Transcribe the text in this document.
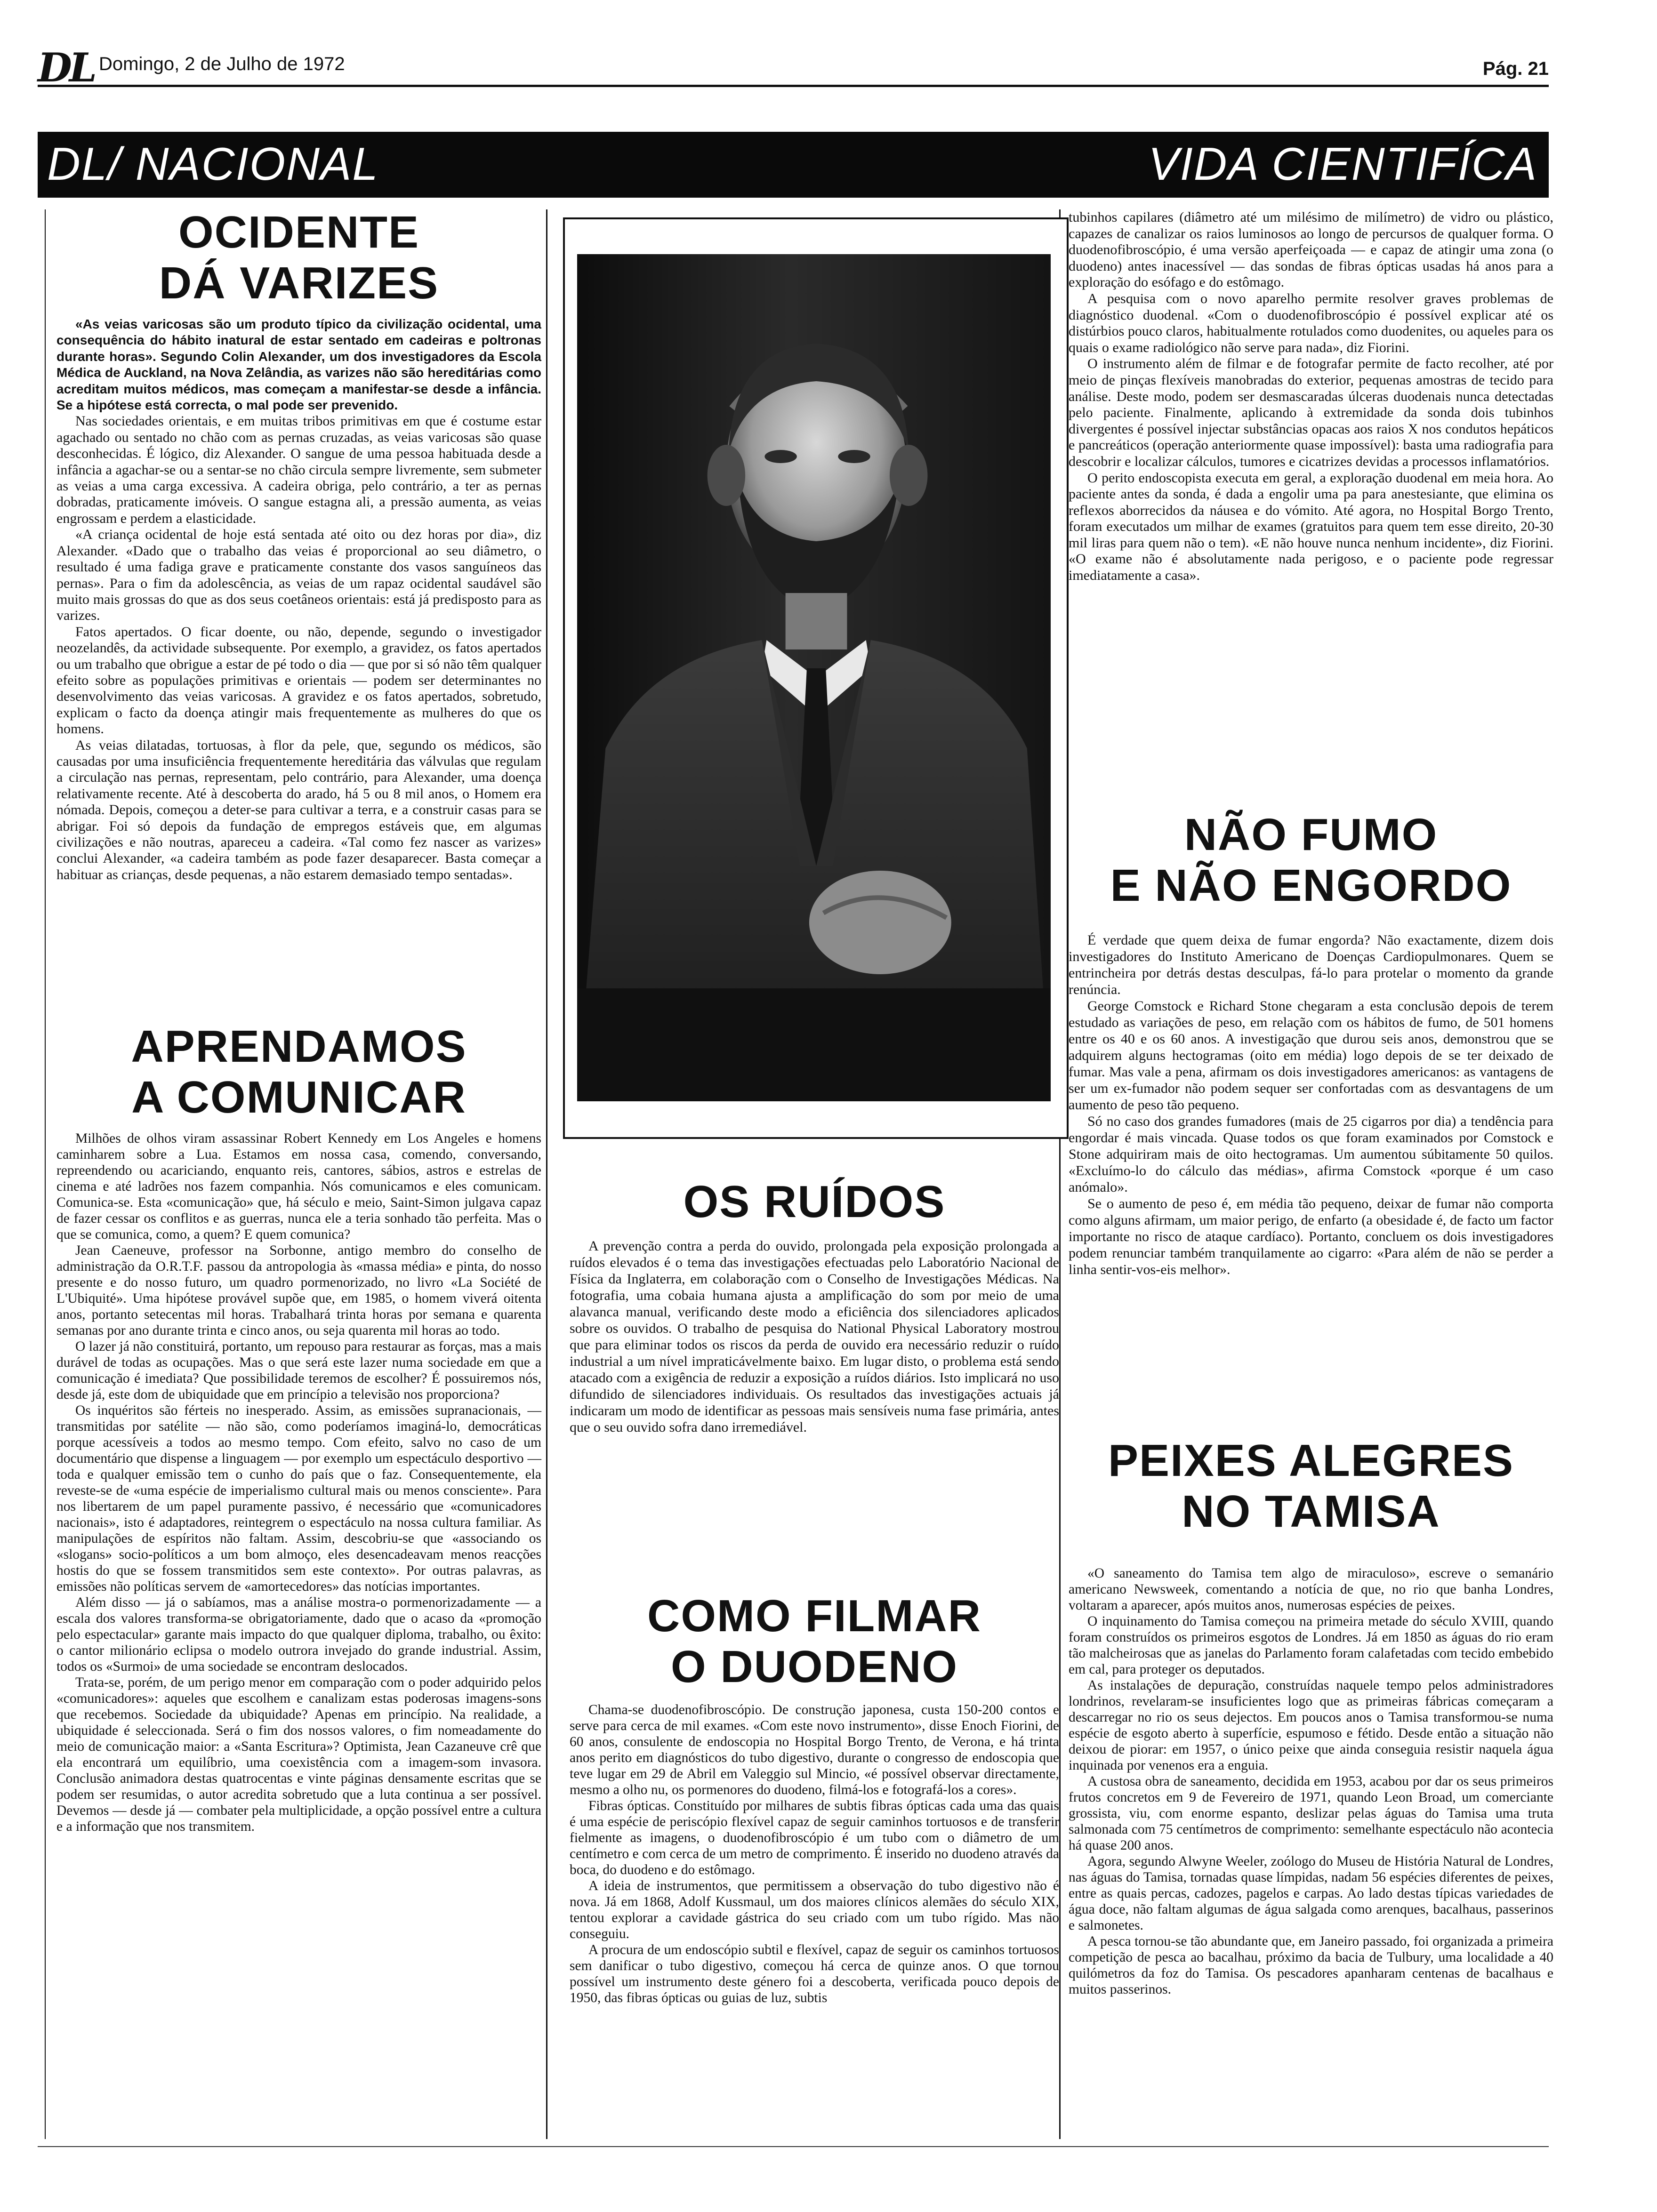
DL Domingo, 2 de Julho de 1972	Pág. 21
DL/ NACIONAL	VIDA CIENTIFÍCA
OCIDENTE
DÁ VARIZES

«As veias varicosas são um produto típico da civilização ocidental, uma consequência do hábito inatural de estar sentado em cadeiras e poltronas durante horas». Segundo Colin Alexander, um dos investigadores da Escola Médica de Auckland, na Nova Zelândia, as varizes não são hereditárias como acreditam muitos médicos, mas começam a manifestar-se desde a infância. Se a hipótese está correcta, o mal pode ser prevenido.

Nas sociedades orientais, e em muitas tribos primitivas em que é costume estar agachado ou sentado no chão com as pernas cruzadas, as veias varicosas são quase desconhecidas. É lógico, diz Alexander. O sangue de uma pessoa habituada desde a infância a agachar-se ou a sentar-se no chão circula sempre livremente, sem submeter as veias a uma carga excessiva. A cadeira obriga, pelo contrário, a ter as pernas dobradas, praticamente imóveis. O sangue estagna ali, a pressão aumenta, as veias engrossam e perdem a elasticidade.

«A criança ocidental de hoje está sentada até oito ou dez horas por dia», diz Alexander. «Dado que o trabalho das veias é proporcional ao seu diâmetro, o resultado é uma fadiga grave e praticamente constante dos vasos sanguíneos das pernas». Para o fim da adolescência, as veias de um rapaz ocidental saudável são muito mais grossas do que as dos seus coetâneos orientais: está já predisposto para as varizes.

Fatos apertados. O ficar doente, ou não, depende, segundo o investigador neozelandês, da actividade subsequente. Por exemplo, a gravidez, os fatos apertados ou um trabalho que obrigue a estar de pé todo o dia — que por si só não têm qualquer efeito sobre as populações primitivas e orientais — podem ser determinantes no desenvolvimento das veias varicosas. A gravidez e os fatos apertados, sobretudo, explicam o facto da doença atingir mais frequentemente as mulheres do que os homens.

As veias dilatadas, tortuosas, à flor da pele, que, segundo os médicos, são causadas por uma insuficiência frequentemente hereditária das válvulas que regulam a circulação nas pernas, representam, pelo contrário, para Alexander, uma doença relativamente recente. Até à descoberta do arado, há 5 ou 8 mil anos, o Homem era nómada. Depois, começou a deter-se para cultivar a terra, e a construir casas para se abrigar. Foi só depois da fundação de empregos estáveis que, em algumas civilizações e não noutras, apareceu a cadeira. «Tal como fez nascer as varizes» conclui Alexander, «a cadeira também as pode fazer desaparecer. Basta começar a habituar as crianças, desde pequenas, a não estarem demasiado tempo sentadas».

APRENDAMOS
A COMUNICAR

Milhões de olhos viram assassinar Robert Kennedy em Los Angeles e homens caminharem sobre a Lua. Estamos em nossa casa, comendo, conversando, repreendendo ou acariciando, enquanto reis, cantores, sábios, astros e estrelas de cinema e até ladrões nos fazem companhia. Nós comunicamos e eles comunicam. Comunica-se. Esta «comunicação» que, há século e meio, Saint-Simon julgava capaz de fazer cessar os conflitos e as guerras, nunca ele a teria sonhado tão perfeita. Mas o que se comunica, como, a quem? E quem comunica?

Jean Caeneuve, professor na Sorbonne, antigo membro do conselho de administração da O.R.T.F. passou da antropologia às «massa média» e pinta, do nosso presente e do nosso futuro, um quadro pormenorizado, no livro «La Société de L'Ubiquité». Uma hipótese provável supõe que, em 1985, o homem viverá oitenta anos, portanto setecentas mil horas. Trabalhará trinta horas por semana e quarenta semanas por ano durante trinta e cinco anos, ou seja quarenta mil horas ao todo.

O lazer já não constituirá, portanto, um repouso para restaurar as forças, mas a mais durável de todas as ocupações. Mas o que será este lazer numa sociedade em que a comunicação é imediata? Que possibilidade teremos de escolher? É possuiremos nós, desde já, este dom de ubiquidade que em princípio a televisão nos proporciona?

Os inquéritos são férteis no inesperado. Assim, as emissões supranacionais, — transmitidas por satélite — não são, como poderíamos imaginá-lo, democráticas porque acessíveis a todos ao mesmo tempo. Com efeito, salvo no caso de um documentário que dispense a linguagem — por exemplo um espectáculo desportivo — toda e qualquer emissão tem o cunho do país que o faz. Consequentemente, ela reveste-se de «uma espécie de imperialismo cultural mais ou menos consciente». Para nos libertarem de um papel puramente passivo, é necessário que «comunicadores nacionais», isto é adaptadores, reintegrem o espectáculo na nossa cultura familiar. As manipulações de espíritos não faltam. Assim, descobriu-se que «associando os «slogans» socio-políticos a um bom almoço, eles desencadeavam menos reacções hostis do que se fossem transmitidos sem este contexto». Por outras palavras, as emissões não políticas servem de «amortecedores» das notícias importantes.

Além disso — já o sabíamos, mas a análise mostra-o pormenorizadamente — a escala dos valores transforma-se obrigatoriamente, dado que o acaso da «promoção pelo espectacular» garante mais impacto do que qualquer diploma, trabalho, ou êxito: o cantor milionário eclipsa o modelo outrora invejado do grande industrial. Assim, todos os «Surmoi» de uma sociedade se encontram deslocados.

Trata-se, porém, de um perigo menor em comparação com o poder adquirido pelos «comunicadores»: aqueles que escolhem e canalizam estas poderosas imagens-sons que recebemos. Sociedade da ubiquidade? Apenas em princípio. Na realidade, a ubiquidade é seleccionada. Será o fim dos nossos valores, o fim nomeadamente do meio de comunicação maior: a «Santa Escritura»? Optimista, Jean Cazaneuve crê que ela encontrará um equilíbrio, uma coexistência com a imagem-som invasora. Conclusão animadora destas quatrocentas e vinte páginas densamente escritas que se podem ser resumidas, o autor acredita sobretudo que a luta continua a ser possível. Devemos — desde já — combater pela multiplicidade, a opção possível entre a cultura e a informação que nos transmitem.

OS RUÍDOS

A prevenção contra a perda do ouvido, prolongada pela exposição prolongada a ruídos elevados é o tema das investigações efectuadas pelo Laboratório Nacional de Física da Inglaterra, em colaboração com o Conselho de Investigações Médicas. Na fotografia, uma cobaia humana ajusta a amplificação do som por meio de uma alavanca manual, verificando deste modo a eficiência dos silenciadores aplicados sobre os ouvidos. O trabalho de pesquisa do National Physical Laboratory mostrou que para eliminar todos os riscos da perda de ouvido era necessário reduzir o ruído industrial a um nível impraticávelmente baixo. Em lugar disto, o problema está sendo atacado com a exigência de reduzir a exposição a ruídos diários. Isto implicará no uso difundido de silenciadores individuais. Os resultados das investigações actuais já indicaram um modo de identificar as pessoas mais sensíveis numa fase primária, antes que o seu ouvido sofra dano irremediável.

COMO FILMAR
O DUODENO

Chama-se duodenofibroscópio. De construção japonesa, custa 150-200 contos e serve para cerca de mil exames. «Com este novo instrumento», disse Enoch Fiorini, de 60 anos, consulente de endoscopia no Hospital Borgo Trento, de Verona, e há trinta anos perito em diagnósticos do tubo digestivo, durante o congresso de endoscopia que teve lugar em 29 de Abril em Valeggio sul Mincio, «é possível observar directamente, mesmo a olho nu, os pormenores do duodeno, filmá-los e fotografá-los a cores».

Fibras ópticas. Constituído por milhares de subtis fibras ópticas cada uma das quais é uma espécie de periscópio flexível capaz de seguir caminhos tortuosos e de transferir fielmente as imagens, o duodenofibroscópio é um tubo com o diâmetro de um centímetro e com cerca de um metro de comprimento. É inserido no duodeno através da boca, do duodeno e do estômago.

A ideia de instrumentos, que permitissem a observação do tubo digestivo não é nova. Já em 1868, Adolf Kussmaul, um dos maiores clínicos alemães do século XIX, tentou explorar a cavidade gástrica do seu criado com um tubo rígido. Mas não conseguiu.

A procura de um endoscópio subtil e flexível, capaz de seguir os caminhos tortuosos sem danificar o tubo digestivo, começou há cerca de quinze anos. O que tornou possível um instrumento deste género foi a descoberta, verificada pouco depois de 1950, das fibras ópticas ou guias de luz, subtis

tubinhos capilares (diâmetro até um milésimo de milímetro) de vidro ou plástico, capazes de canalizar os raios luminosos ao longo de percursos de qualquer forma. O duodenofibroscópio, é uma versão aperfeiçoada — e capaz de atingir uma zona (o duodeno) antes inacessível — das sondas de fibras ópticas usadas há anos para a exploração do esófago e do estômago.

A pesquisa com o novo aparelho permite resolver graves problemas de diagnóstico duodenal. «Com o duodenofibroscópio é possível explicar até os distúrbios pouco claros, habitualmente rotulados como duodenites, ou aqueles para os quais o exame radiológico não serve para nada», diz Fiorini.

O instrumento além de filmar e de fotografar permite de facto recolher, até por meio de pinças flexíveis manobradas do exterior, pequenas amostras de tecido para análise. Deste modo, podem ser desmascaradas úlceras duodenais nunca detectadas pelo paciente. Finalmente, aplicando à extremidade da sonda dois tubinhos divergentes é possível injectar substâncias opacas aos raios X nos condutos hepáticos e pancreáticos (operação anteriormente quase impossível): basta uma radiografia para descobrir e localizar cálculos, tumores e cicatrizes devidas a processos inflamatórios.

O perito endoscopista executa em geral, a exploração duodenal em meia hora. Ao paciente antes da sonda, é dada a engolir uma pa para anestesiante, que elimina os reflexos aborrecidos da náusea e do vómito. Até agora, no Hospital Borgo Trento, foram executados um milhar de exames (gratuitos para quem tem esse direito, 20-30 mil liras para quem não o tem). «E não houve nunca nenhum incidente», diz Fiorini. «O exame não é absolutamente nada perigoso, e o paciente pode regressar imediatamente a casa».

NÃO FUMO
E NÃO ENGORDO

É verdade que quem deixa de fumar engorda? Não exactamente, dizem dois investigadores do Instituto Americano de Doenças Cardiopulmonares. Quem se entrincheira por detrás destas desculpas, fá-lo para protelar o momento da grande renúncia.

George Comstock e Richard Stone chegaram a esta conclusão depois de terem estudado as variações de peso, em relação com os hábitos de fumo, de 501 homens entre os 40 e os 60 anos. A investigação que durou seis anos, demonstrou que se adquirem alguns hectogramas (oito em média) logo depois de se ter deixado de fumar. Mas vale a pena, afirmam os dois investigadores americanos: as vantagens de ser um ex-fumador não podem sequer ser confortadas com as desvantagens de um aumento de peso tão pequeno.

Só no caso dos grandes fumadores (mais de 25 cigarros por dia) a tendência para engordar é mais vincada. Quase todos os que foram examinados por Comstock e Stone adquiriram mais de oito hectogramas. Um aumentou súbitamente 50 quilos. «Excluímo-lo do cálculo das médias», afirma Comstock «porque é um caso anómalo».

Se o aumento de peso é, em média tão pequeno, deixar de fumar não comporta como alguns afirmam, um maior perigo, de enfarto (a obesidade é, de facto um factor importante no risco de ataque cardíaco). Portanto, concluem os dois investigadores podem renunciar também tranquilamente ao cigarro: «Para além de não se perder a linha sentir-vos-eis melhor».

PEIXES ALEGRES
NO TAMISA

«O saneamento do Tamisa tem algo de miraculoso», escreve o semanário americano Newsweek, comentando a notícia de que, no rio que banha Londres, voltaram a aparecer, após muitos anos, numerosas espécies de peixes.

O inquinamento do Tamisa começou na primeira metade do século XVIII, quando foram construídos os primeiros esgotos de Londres. Já em 1850 as águas do rio eram tão malcheirosas que as janelas do Parlamento foram calafetadas com tecido embebido em cal, para proteger os deputados.

As instalações de depuração, construídas naquele tempo pelos administradores londrinos, revelaram-se insuficientes logo que as primeiras fábricas começaram a descarregar no rio os seus dejectos. Em poucos anos o Tamisa transformou-se numa espécie de esgoto aberto à superfície, espumoso e fétido. Desde então a situação não deixou de piorar: em 1957, o único peixe que ainda conseguia resistir naquela água inquinada por venenos era a enguia.

A custosa obra de saneamento, decidida em 1953, acabou por dar os seus primeiros frutos concretos em 9 de Fevereiro de 1971, quando Leon Broad, um comerciante grossista, viu, com enorme espanto, deslizar pelas águas do Tamisa uma truta salmonada com 75 centímetros de comprimento: semelhante espectáculo não acontecia há quase 200 anos.

Agora, segundo Alwyne Weeler, zoólogo do Museu de História Natural de Londres, nas águas do Tamisa, tornadas quase límpidas, nadam 56 espécies diferentes de peixes, entre as quais percas, cadozes, pagelos e carpas. Ao lado destas típicas variedades de água doce, não faltam algumas de água salgada como arenques, bacalhaus, passerinos e salmonetes.

A pesca tornou-se tão abundante que, em Janeiro passado, foi organizada a primeira competição de pesca ao bacalhau, próximo da bacia de Tulbury, uma localidade a 40 quilómetros da foz do Tamisa. Os pescadores apanharam centenas de bacalhaus e muitos passerinos.
